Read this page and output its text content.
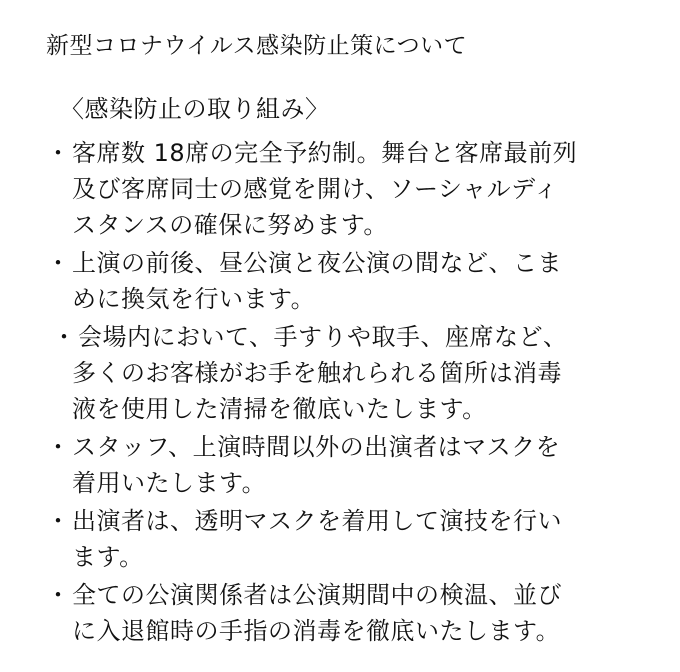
新型コロナウイルス感染防止策について
〈感染防止の取り組み〉
・ 客席数 18席の完全予約制。舞台と客席最前列
及び客席同士の感覚を開け、ソーシャルディ
スタンスの確保に努めます。
・ 上演の前後、昼公演と夜公演の間など、こま
めに換気を行います。
・ 会場内において、手すりや取手、座席など、
多くのお客様がお手を触れられる箇所は消毒
液を使用した清掃を徹底いたします。
・ スタッフ、上演時間以外の出演者はマスクを
着用いたします。
・ 出演者は、透明マスクを着用して演技を行い
ます。
・ 全ての公演関係者は公演期間中の検温、並び
に入退館時の手指の消毒を徹底いたします。
